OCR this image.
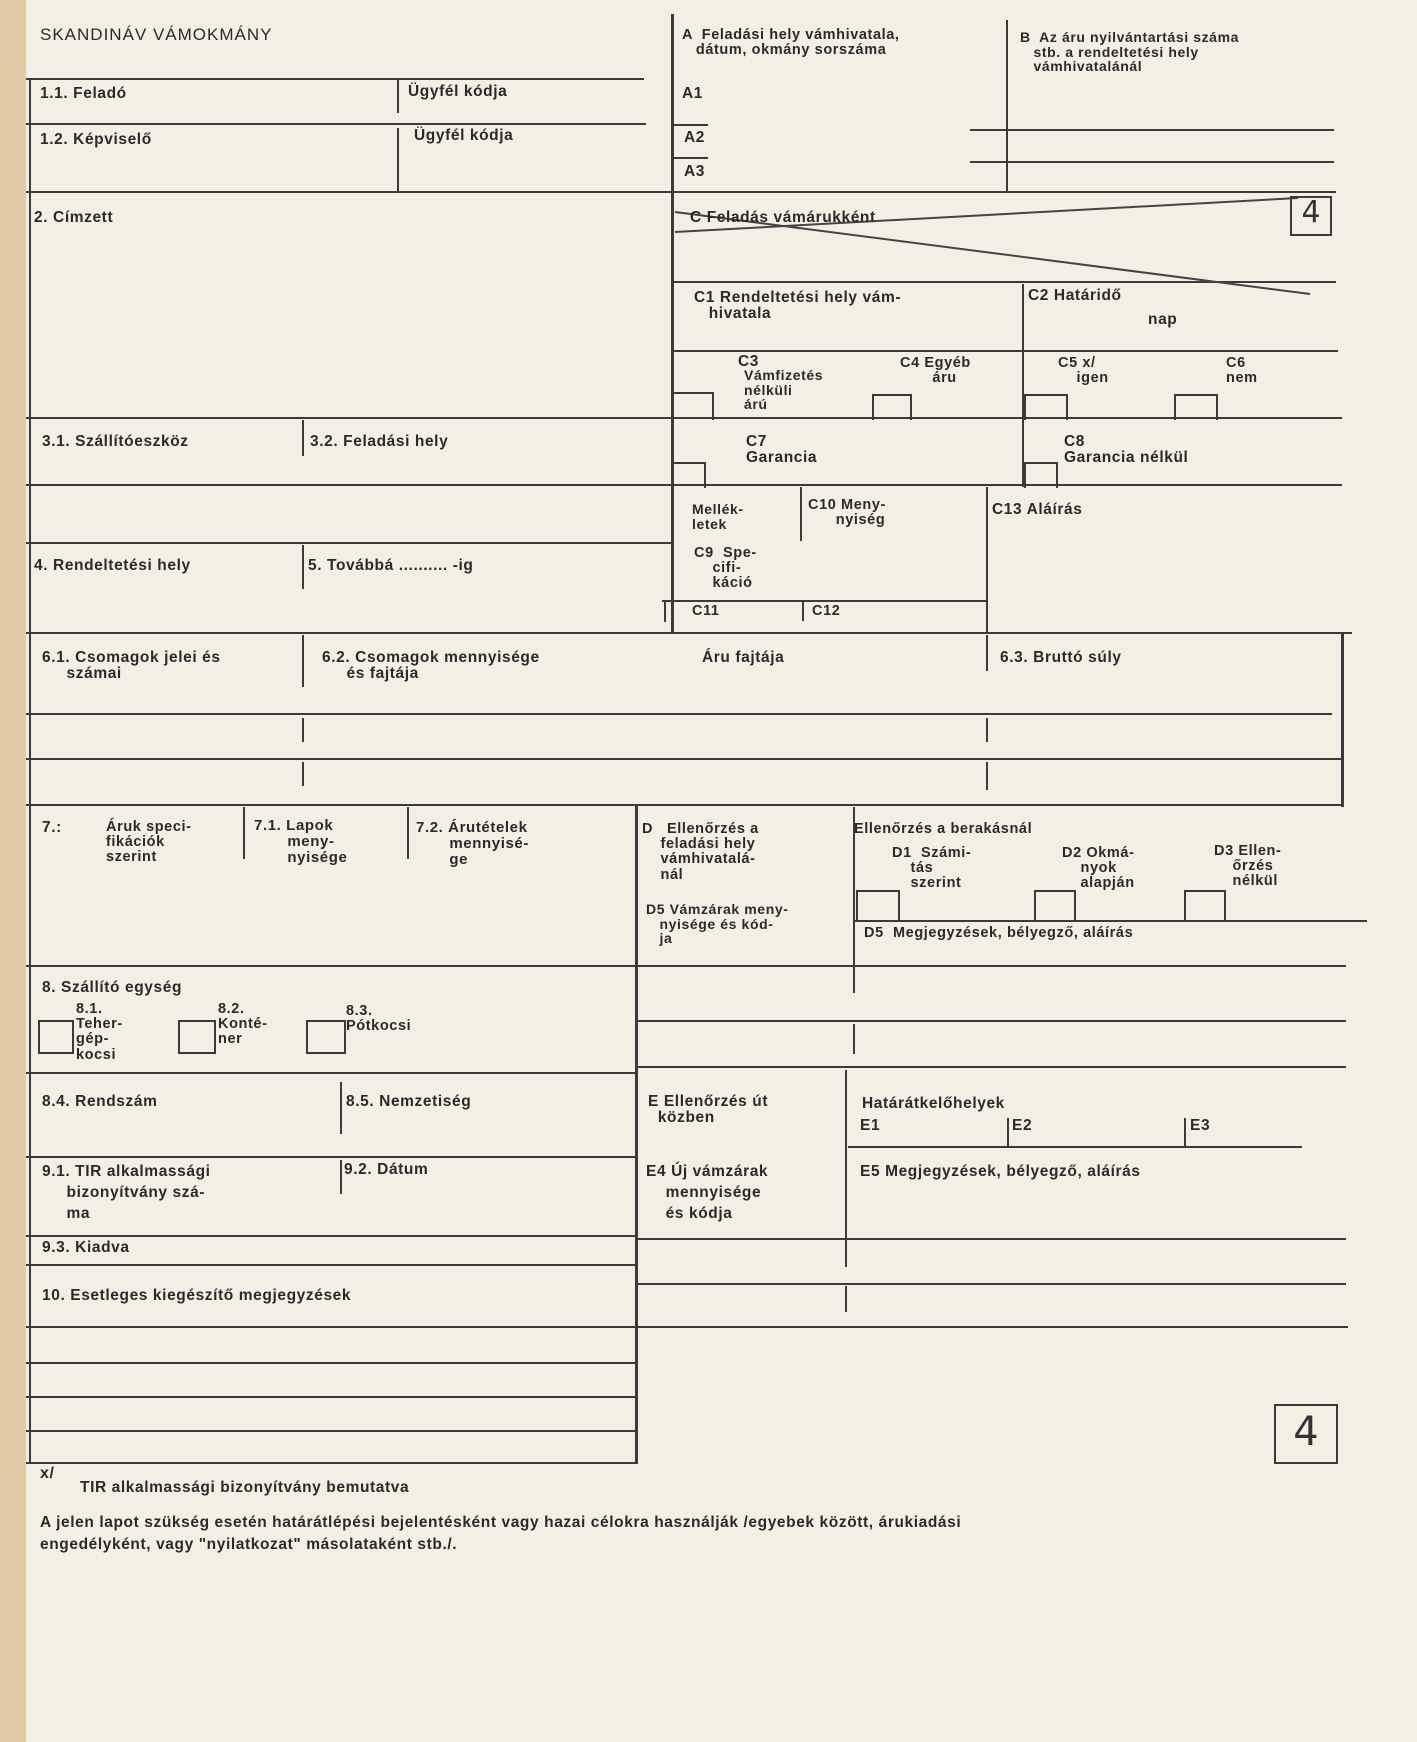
4
4
SKANDINÁV VÁMOKMÁNY	A  Feladási hely vámhivatala,
dátum, okmány sorszáma
A1
A2
A3
B  Az áru nyilvántartási száma
stb. a rendeltetési hely
vámhivatalánál
1.1. Feladó	Ügyfél kódja
1.2. Képviselő	Ügyfél kódja
2. Címzett	C Feladás vámárukként
C1 Rendeltetési hely vám-
hivatala
C2 Határidő
nap
C3
Vámfizetés
nélküli
árú
C4 Egyéb
áru
C5 x/
igen
C6
nem
3.1. Szállítóeszköz	3.2. Feladási hely	C7
Garancia
C8
Garancia nélkül
Mellék-
letek
C10 Meny-
nyiség
C13 Aláírás
4. Rendeltetési hely	5. Továbbá .......... -ig
C9  Spe-
cifi-
káció
C11	C12
6.1. Csomagok jelei és
számai
6.2. Csomagok mennyisége
és fajtája
Áru fajtája	6.3. Bruttó súly
7.:	Áruk speci-
fikációk
szerint
7.1. Lapok
meny-
nyisége
7.2. Árutételek
mennyisé-
ge
D   Ellenőrzés a
feladási hely
vámhivatalá-
nál
Ellenőrzés a berakásnál
D1  Számi-
tás
szerint
D2 Okmá-
nyok
alapján
D3 Ellen-
őrzés
nélkül
D5 Vámzárak meny-
nyisége és kód-
ja	D5  Megjegyzések, bélyegző, aláírás
8. Szállító egység
8.1.
Teher-
gép-
kocsi
8.2.
Konté-
ner
8.3.
Pótkocsi
8.4. Rendszám	8.5. Nemzetiség	E Ellenőrzés út
közben
Határátkelőhelyek
E1	E2	E3
9.1. TIR alkalmassági
bizonyítvány szá-
ma
9.2. Dátum	E4 Új vámzárak
mennyisége
és kódja
E5 Megjegyzések, bélyegző, aláírás
9.3. Kiadva
10. Esetleges kiegészítő megjegyzések
x/
TIR alkalmassági bizonyítvány bemutatva
A jelen lapot szükség esetén határátlépési bejelentésként vagy hazai célokra használják /egyebek között, árukiadási
engedélyként, vagy "nyilatkozat" másolataként stb./.
